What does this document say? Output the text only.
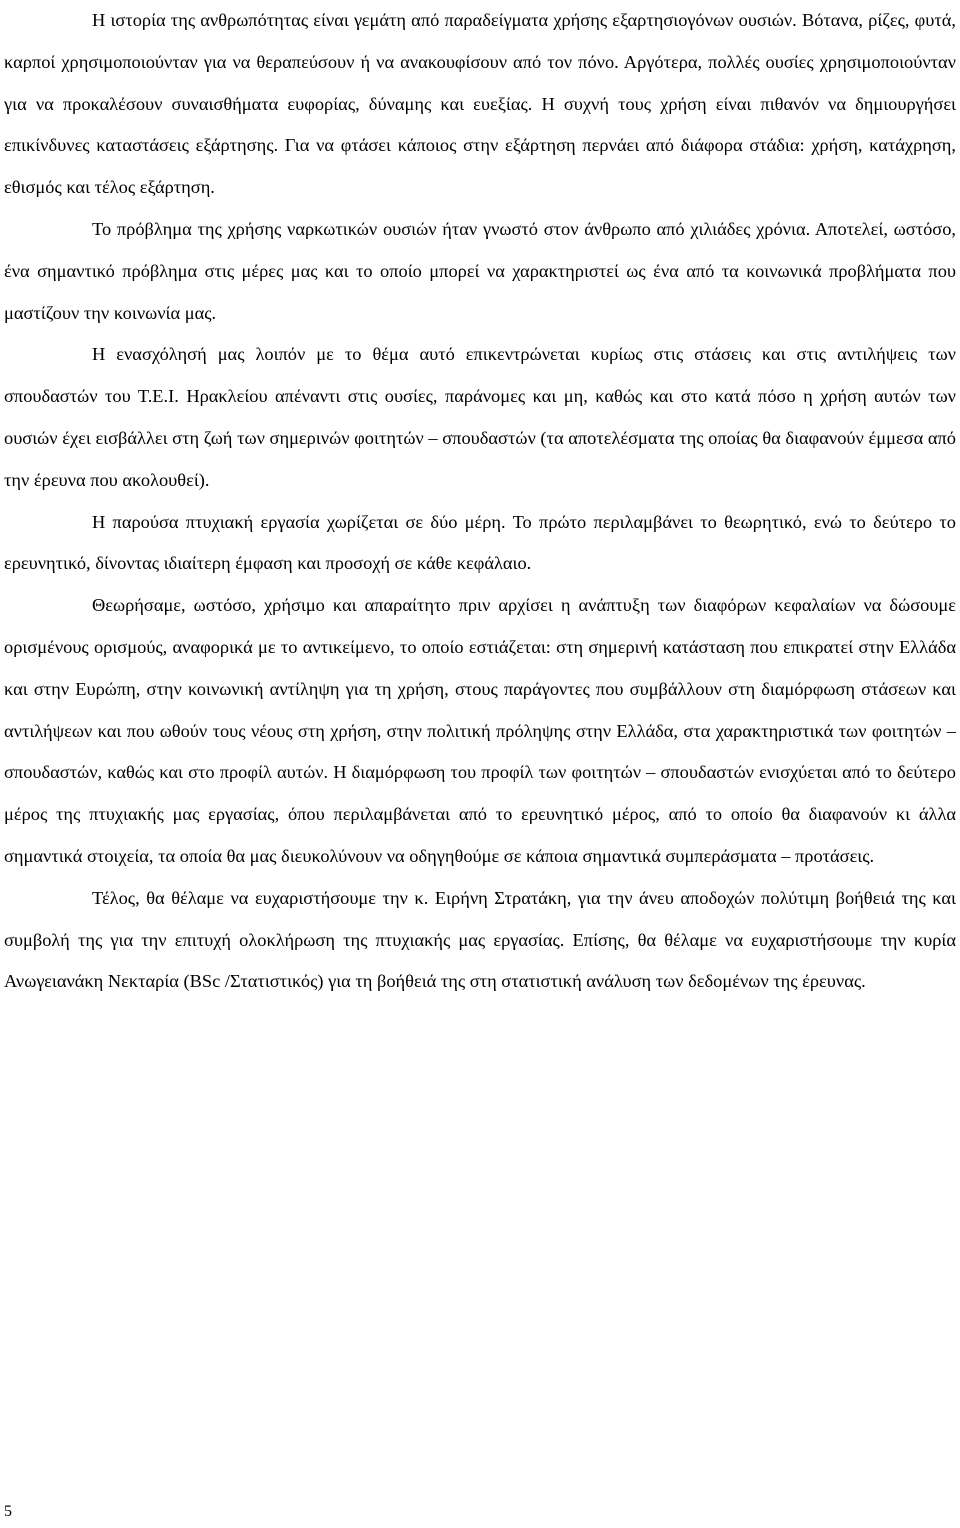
Η ιστορία της ανθρωπότητας είναι γεμάτη από παραδείγματα χρήσης εξαρτησιογόνων ουσιών. Βότανα, ρίζες, φυτά, καρποί χρησιμοποιούνταν για να θεραπεύσουν ή να ανακουφίσουν από τον πόνο. Αργότερα, πολλές ουσίες χρησιμοποιούνταν για να προκαλέσουν συναισθήματα ευφορίας, δύναμης και ευεξίας. Η συχνή τους χρήση είναι πιθανόν να δημιουργήσει επικίνδυνες καταστάσεις εξάρτησης. Για να φτάσει κάποιος στην εξάρτηση περνάει από διάφορα στάδια: χρήση, κατάχρηση, εθισμός και τέλος εξάρτηση.

Το πρόβλημα της χρήσης ναρκωτικών ουσιών ήταν γνωστό στον άνθρωπο από χιλιάδες χρόνια. Αποτελεί, ωστόσο, ένα σημαντικό πρόβλημα στις μέρες μας και το οποίο μπορεί να χαρακτηριστεί ως ένα από τα κοινωνικά προβλήματα που μαστίζουν την κοινωνία μας.

Η ενασχόλησή μας λοιπόν με το θέμα αυτό επικεντρώνεται κυρίως στις στάσεις και στις αντιλήψεις των σπουδαστών του Τ.Ε.Ι. Ηρακλείου απέναντι στις ουσίες, παράνομες και μη, καθώς και στο κατά πόσο η χρήση αυτών των ουσιών έχει εισβάλλει στη ζωή των σημερινών φοιτητών – σπουδαστών (τα αποτελέσματα της οποίας θα διαφανούν έμμεσα από την έρευνα που ακολουθεί).

Η παρούσα πτυχιακή εργασία χωρίζεται σε δύο μέρη. Το πρώτο περιλαμβάνει το θεωρητικό, ενώ το δεύτερο το ερευνητικό, δίνοντας ιδιαίτερη έμφαση και προσοχή σε κάθε κεφάλαιο.

Θεωρήσαμε, ωστόσο, χρήσιμο και απαραίτητο πριν αρχίσει η ανάπτυξη των διαφόρων κεφαλαίων να δώσουμε ορισμένους ορισμούς, αναφορικά με το αντικείμενο, το οποίο εστιάζεται: στη σημερινή κατάσταση που επικρατεί στην Ελλάδα και στην Ευρώπη, στην κοινωνική αντίληψη για τη χρήση, στους παράγοντες που συμβάλλουν στη διαμόρφωση στάσεων και αντιλήψεων και που ωθούν τους νέους στη χρήση, στην πολιτική πρόληψης στην Ελλάδα, στα χαρακτηριστικά των φοιτητών – σπουδαστών, καθώς και στο προφίλ αυτών. Η διαμόρφωση του προφίλ των φοιτητών – σπουδαστών ενισχύεται από το δεύτερο μέρος της πτυχιακής μας εργασίας, όπου περιλαμβάνεται από το ερευνητικό μέρος, από το οποίο θα διαφανούν κι άλλα σημαντικά στοιχεία, τα οποία θα μας διευκολύνουν να οδηγηθούμε σε κάποια σημαντικά συμπεράσματα – προτάσεις.

Τέλος, θα θέλαμε να ευχαριστήσουμε την κ. Ειρήνη Στρατάκη, για την άνευ αποδοχών πολύτιμη βοήθειά της και συμβολή της για την επιτυχή ολοκλήρωση της πτυχιακής μας εργασίας. Επίσης, θα θέλαμε να ευχαριστήσουμε την κυρία Ανωγειανάκη Νεκταρία (BSc /Στατιστικός) για τη βοήθειά της στη στατιστική ανάλυση των δεδομένων της έρευνας.

5
